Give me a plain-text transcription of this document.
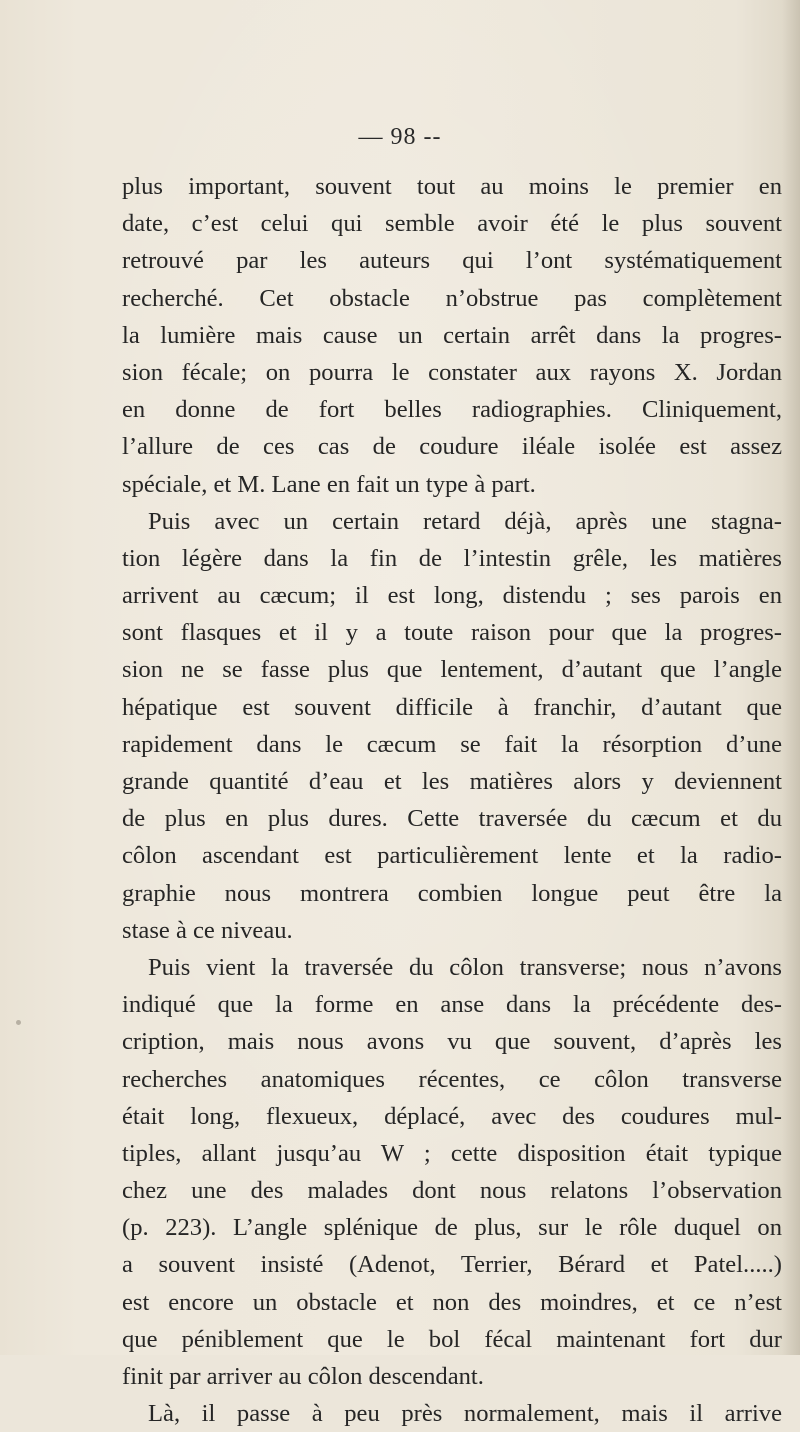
— 98 --
plus important, souvent tout au moins le premier en
date, c’est celui qui semble avoir été le plus souvent
retrouvé par les auteurs qui l’ont systématiquement
recherché. Cet obstacle n’obstrue pas complètement
la lumière mais cause un certain arrêt dans la progres-
sion fécale; on pourra le constater aux rayons X. Jordan
en donne de fort belles radiographies. Cliniquement,
l’allure de ces cas de coudure iléale isolée est assez
spéciale, et M. Lane en fait un type à part.
Puis avec un certain retard déjà, après une stagna-
tion légère dans la fin de l’intestin grêle, les matières
arrivent au cæcum; il est long, distendu ; ses parois en
sont flasques et il y a toute raison pour que la progres-
sion ne se fasse plus que lentement, d’autant que l’angle
hépatique est souvent difficile à franchir, d’autant que
rapidement dans le cæcum se fait la résorption d’une
grande quantité d’eau et les matières alors y deviennent
de plus en plus dures. Cette traversée du cæcum et du
côlon ascendant est particulièrement lente et la radio-
graphie nous montrera combien longue peut être la
stase à ce niveau.
Puis vient la traversée du côlon transverse; nous n’avons
indiqué que la forme en anse dans la précédente des-
cription, mais nous avons vu que souvent, d’après les
recherches anatomiques récentes, ce côlon transverse
était long, flexueux, déplacé, avec des coudures mul-
tiples, allant jusqu’au W ; cette disposition était typique
chez une des malades dont nous relatons l’observation
(p. 223). L’angle splénique de plus, sur le rôle duquel on
a souvent insisté (Adenot, Terrier, Bérard et Patel.....)
est encore un obstacle et non des moindres, et ce n’est
que péniblement que le bol fécal maintenant fort dur
finit par arriver au côlon descendant.
Là, il passe à peu près normalement, mais il arrive
